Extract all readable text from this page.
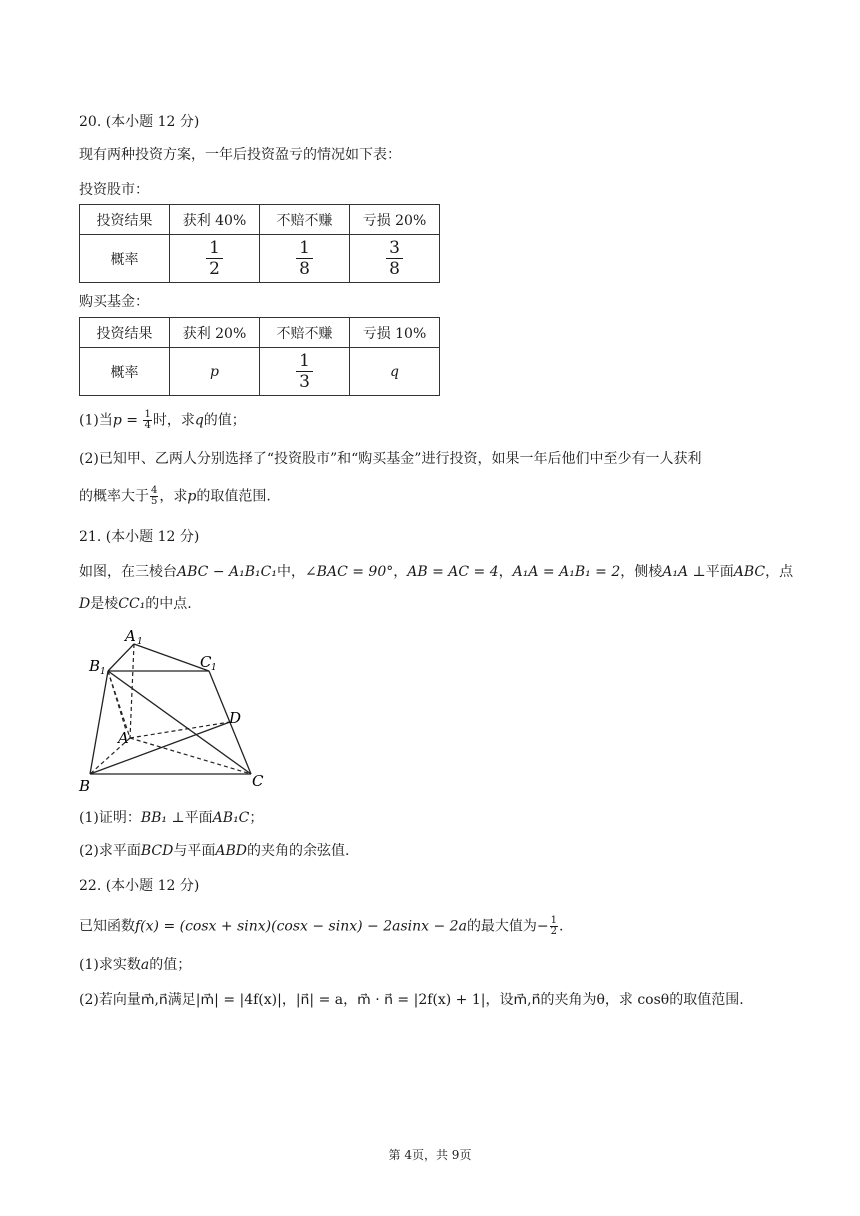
20. (本小题 12 分)
现有两种投资方案，一年后投资盈亏的情况如下表：
投资股市：
投资结果	获利 40%	不赔不赚	亏损 20%
概率	$\frac{1}{2}$	$\frac{1}{8}$	$\frac{3}{8}$
购买基金：
投资结果	获利 20%	不赔不赚	亏损 10%
概率	p	$\frac{1}{3}$	q
(1)当$p = \frac{1}{4}$ 时，求q的值；
(2)已知甲、乙两人分别选择了“投资股市”和“购买基金”进行投资，如果一年后他们中至少有一人获利
的概率大于 $\frac{4}{5}$ ，求p的取值范围.
21. (本小题 12 分)
如图，在三棱台ABC − A₁B₁C₁中，∠BAC = 90°，AB = AC = 4，A₁A = A₁B₁ = 2，侧棱A₁A ⊥平面ABC，点
D是棱CC₁的中点.
A 1
B 1
C 1
D
A
B	C
(1)证明：BB₁ ⊥平面AB₁C；
(2)求平面BCD与平面ABD的夹角的余弦值.
22. (本小题 12 分)
已知函数f(x) = (cosx + sinx)(cosx − sinx) − 2asinx − 2a的最大值为− $\frac{1}{2}$ .
(1)求实数a的值；
(2)若向量m⃗,n⃗满足|m⃗| = |4f(x)|，|n⃗| = a，m⃗ · n⃗ = |2f(x) + 1|，设m⃗,n⃗的夹角为θ，求 cosθ的取值范围.
第 4页，共 9页
